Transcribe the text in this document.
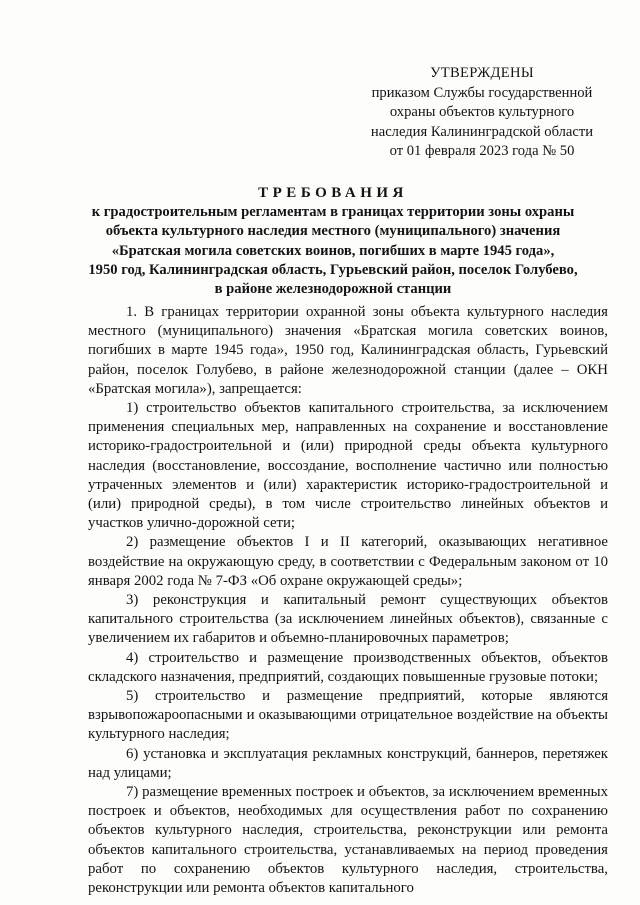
УТВЕРЖДЕНЫ
приказом Службы государственной
охраны объектов культурного
наследия Калининградской области
от 01 февраля 2023 года № 50
ТРЕБОВАНИЯ
к градостроительным регламентам в границах территории зоны охраны
объекта культурного наследия местного (муниципального) значения
«Братская могила советских воинов, погибших в марте 1945 года»,
1950 год, Калининградская область, Гурьевский район, поселок Голубево,
в районе железнодорожной станции

1. В границах территории охранной зоны объекта культурного наследия местного (муниципального) значения «Братская могила советских воинов, погибших в марте 1945 года», 1950 год, Калининградская область, Гурьевский район, поселок Голубево, в районе железнодорожной станции (далее – ОКН «Братская могила»), запрещается:

1) строительство объектов капитального строительства, за исключением применения специальных мер, направленных на сохранение и восстановление историко-градостроительной и (или) природной среды объекта культурного наследия (восстановление, воссоздание, восполнение частично или полностью утраченных элементов и (или) характеристик историко-градостроительной и (или) природной среды), в том числе строительство линейных объектов и участков улично-дорожной сети;

2) размещение объектов I и II категорий, оказывающих негативное воздействие на окружающую среду, в соответствии с Федеральным законом от 10 января 2002 года № 7-ФЗ «Об охране окружающей среды»;

3) реконструкция и капитальный ремонт существующих объектов капитального строительства (за исключением линейных объектов), связанные с увеличением их габаритов и объемно-планировочных параметров;

4) строительство и размещение производственных объектов, объектов складского назначения, предприятий, создающих повышенные грузовые потоки;

5) строительство и размещение предприятий, которые являются взрывопожароопасными и оказывающими отрицательное воздействие на объекты культурного наследия;

6) установка и эксплуатация рекламных конструкций, баннеров, перетяжек над улицами;

7) размещение временных построек и объектов, за исключением временных построек и объектов, необходимых для осуществления работ по сохранению объектов культурного наследия, строительства, реконструкции или ремонта объектов капитального строительства, устанавливаемых на период проведения работ по сохранению объектов культурного наследия, строительства, реконструкции или ремонта объектов капитального
